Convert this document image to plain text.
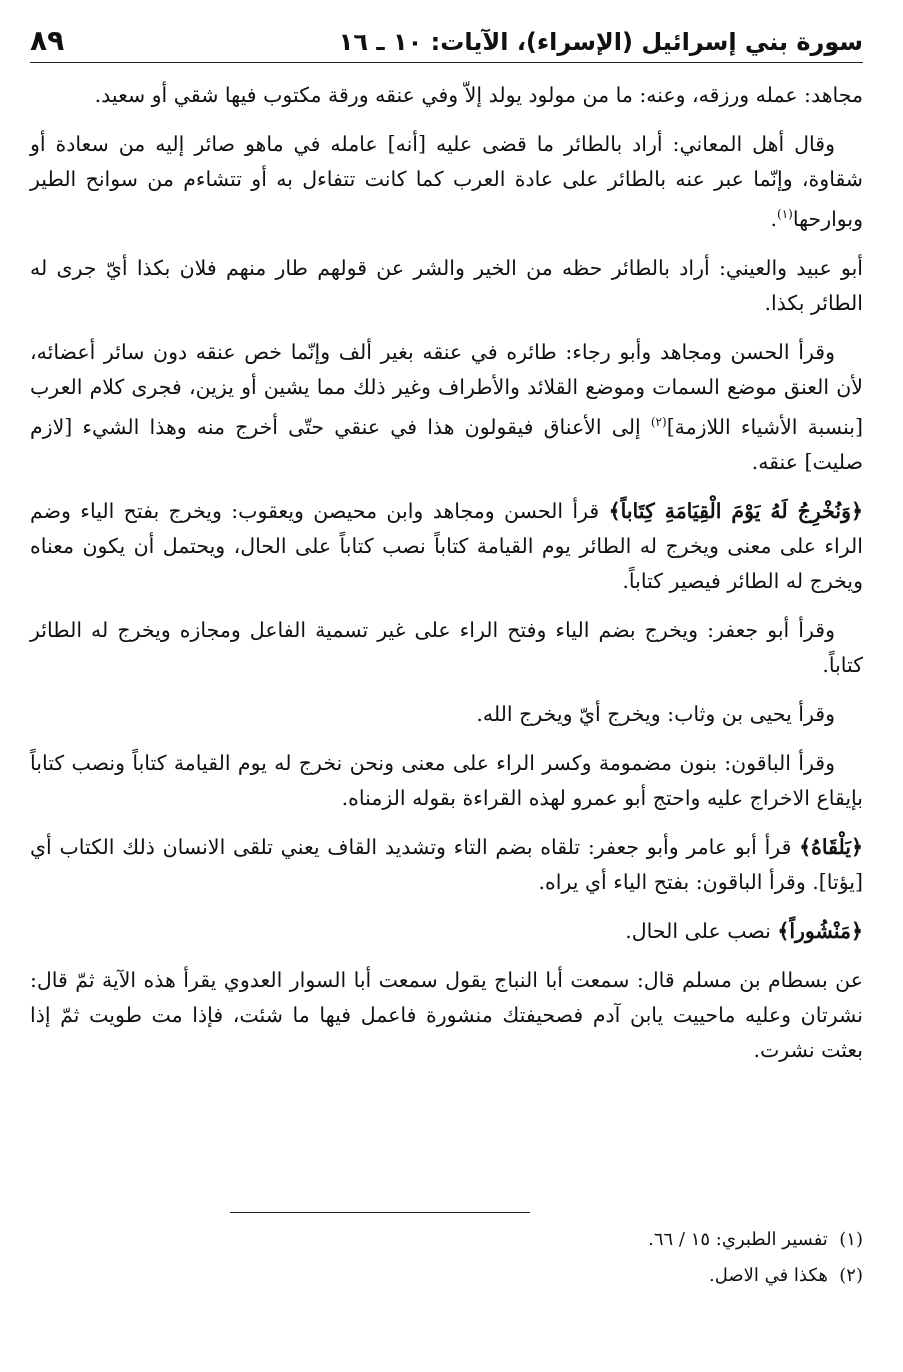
سورة بني إسرائيل (الإسراء)، الآيات: ١٠ ـ ١٦
٨٩

مجاهد: عمله ورزقه، وعنه: ما من مولود يولد إلاّ وفي عنقه ورقة مكتوب فيها شقي أو سعيد.

وقال أهل المعاني: أراد بالطائر ما قضى عليه [أنه] عامله في ماهو صائر إليه من سعادة أو شقاوة، وإنّما عبر عنه بالطائر على عادة العرب كما كانت تتفاءل به أو تتشاءم من سوانح الطير وبوارحها$^{(١)}$.

أبو عبيد والعيني: أراد بالطائر حظه من الخير والشر عن قولهم طار منهم فلان بكذا أيّ جرى له الطائر بكذا.

وقرأ الحسن ومجاهد وأبو رجاء: طائره في عنقه بغير ألف وإنّما خص عنقه دون سائر أعضائه، لأن العنق موضع السمات وموضع القلائد والأطراف وغير ذلك مما يشين أو يزين، فجرى كلام العرب [بنسبة الأشياء اللازمة]$^{(٢)}$ إلى الأعناق فيقولون هذا في عنقي حتّى أخرج منه وهذا الشيء [لازم صليت] عنقه.

﴿وَنُخْرِجُ لَهُ يَوْمَ الْقِيَامَةِ كِتَاباً﴾ قرأ الحسن ومجاهد وابن محيصن ويعقوب: ويخرج بفتح الياء وضم الراء على معنى ويخرج له الطائر يوم القيامة كتاباً نصب كتاباً على الحال، ويحتمل أن يكون معناه ويخرج له الطائر فيصير كتاباً.

وقرأ أبو جعفر: ويخرج بضم الياء وفتح الراء على غير تسمية الفاعل ومجازه ويخرج له الطائر كتاباً.

وقرأ يحيى بن وثاب: ويخرج أيّ ويخرج الله.

وقرأ الباقون: بنون مضمومة وكسر الراء على معنى ونحن نخرج له يوم القيامة كتاباً ونصب كتاباً بإيقاع الاخراج عليه واحتج أبو عمرو لهذه القراءة بقوله الزمناه.

﴿يَلْقَاهُ﴾ قرأ أبو عامر وأبو جعفر: تلقاه بضم التاء وتشديد القاف يعني تلقى الانسان ذلك الكتاب أي [يؤتا]. وقرأ الباقون: بفتح الياء أي يراه.

﴿مَنْشُوراً﴾ نصب على الحال.

عن بسطام بن مسلم قال: سمعت أبا النباج يقول سمعت أبا السوار العدوي يقرأ هذه الآية ثمّ قال: نشرتان وعليه ماحييت يابن آدم فصحيفتك منشورة فاعمل فيها ما شئت، فإذا مت طويت ثمّ إذا بعثت نشرت.

(١)  تفسير الطبري: ١٥ / ٦٦.

(٢)  هكذا في الاصل.
